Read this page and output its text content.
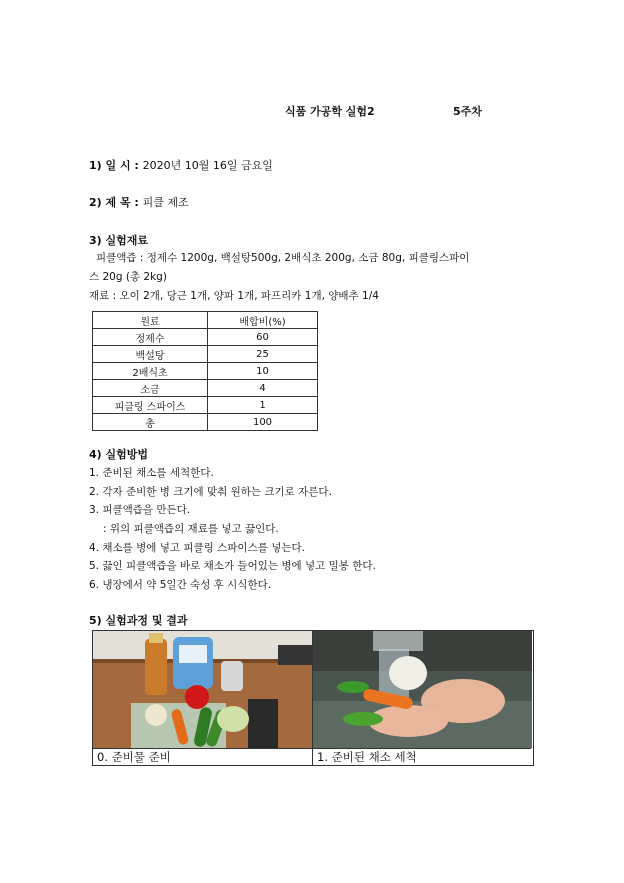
식품 가공학 실험2	5주차
1) 일 시 : 2020년 10월 16일 금요일
2) 제 목 : 피클 제조
3) 실험재료
피클액즙 : 정제수 1200g, 백설탕500g, 2배식초 200g, 소금 80g, 피클링스파이
스 20g (총 2kg)
재료 : 오이 2개, 당근 1개, 양파 1개, 파프리카 1개, 양배추 1/4
원료	배합비(%)
정제수	60
백설탕	25
2배식초	10
소금	4
피클링 스파이스	1
총	100
4) 실험방법
1. 준비된 채소를 세척한다.
2. 각자 준비한 병 크기에 맞춰 원하는 크기로 자른다.
3. 피클액즙을 만든다.
: 위의 피클액즙의 재료를 넣고 끓인다.
4. 채소를 병에 넣고 피클링 스파이스를 넣는다.
5. 끓인 피클액즙을 바로 채소가 들어있는 병에 넣고 밀봉 한다.
6. 냉장에서 약 5일간 숙성 후 시식한다.
5) 실험과정 및 결과
0. 준비물 준비	1. 준비된 채소 세척
